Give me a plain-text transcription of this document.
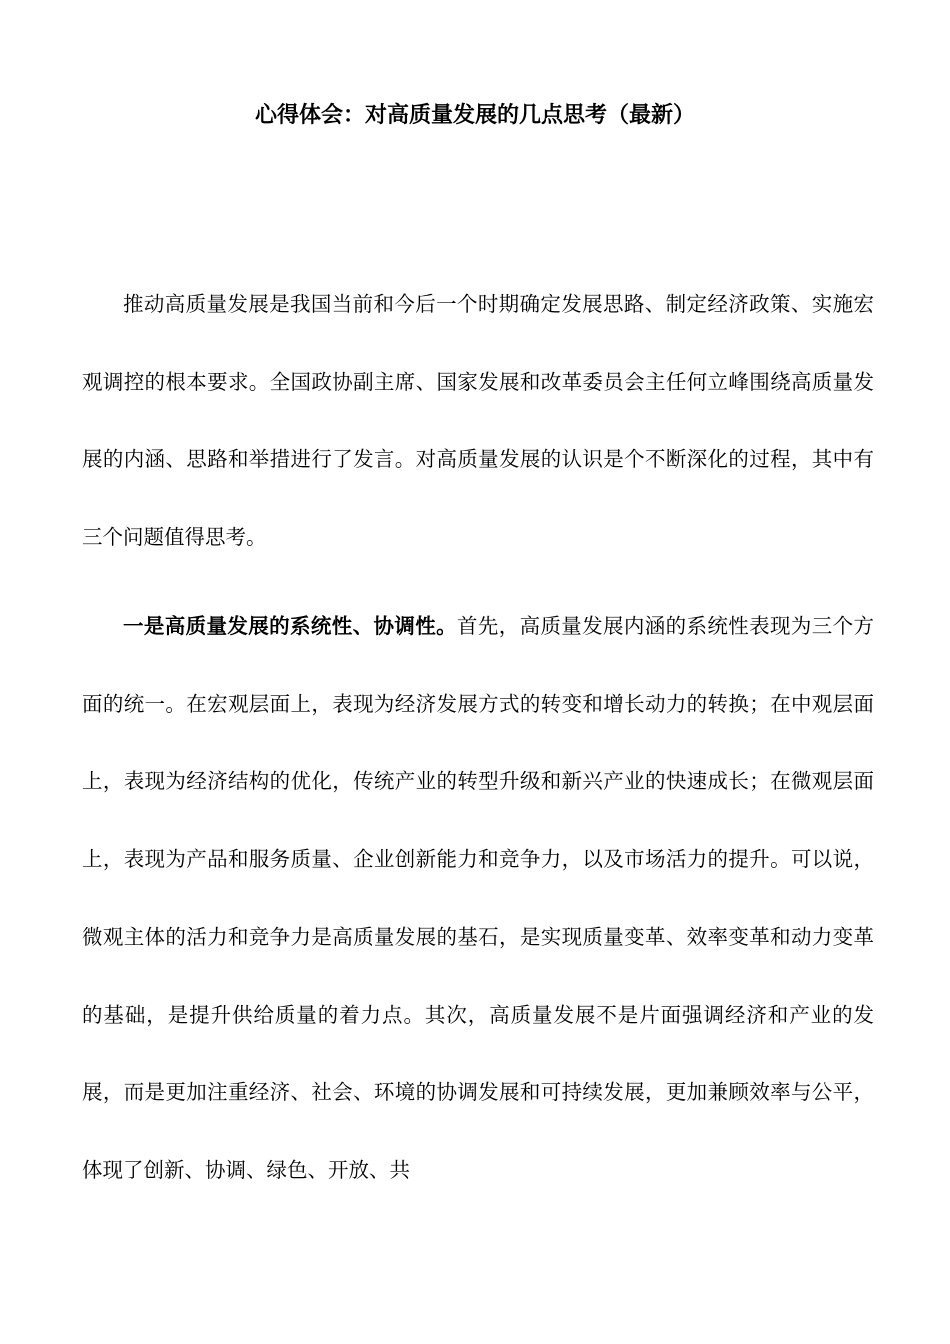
心得体会：对高质量发展的几点思考（最新）

推动高质量发展是我国当前和今后一个时期确定发展思路、制定经济政策、实施宏观调控的根本要求。全国政协副主席、国家发展和改革委员会主任何立峰围绕高质量发展的内涵、思路和举措进行了发言。对高质量发展的认识是个不断深化的过程，其中有三个问题值得思考。

一是高质量发展的系统性、协调性。首先，高质量发展内涵的系统性表现为三个方面的统一。在宏观层面上，表现为经济发展方式的转变和增长动力的转换；在中观层面上，表现为经济结构的优化，传统产业的转型升级和新兴产业的快速成长；在微观层面上，表现为产品和服务质量、企业创新能力和竞争力，以及市场活力的提升。可以说，微观主体的活力和竞争力是高质量发展的基石，是实现质量变革、效率变革和动力变革的基础，是提升供给质量的着力点。其次，高质量发展不是片面强调经济和产业的发展，而是更加注重经济、社会、环境的协调发展和可持续发展，更加兼顾效率与公平，体现了创新、协调、绿色、开放、共
